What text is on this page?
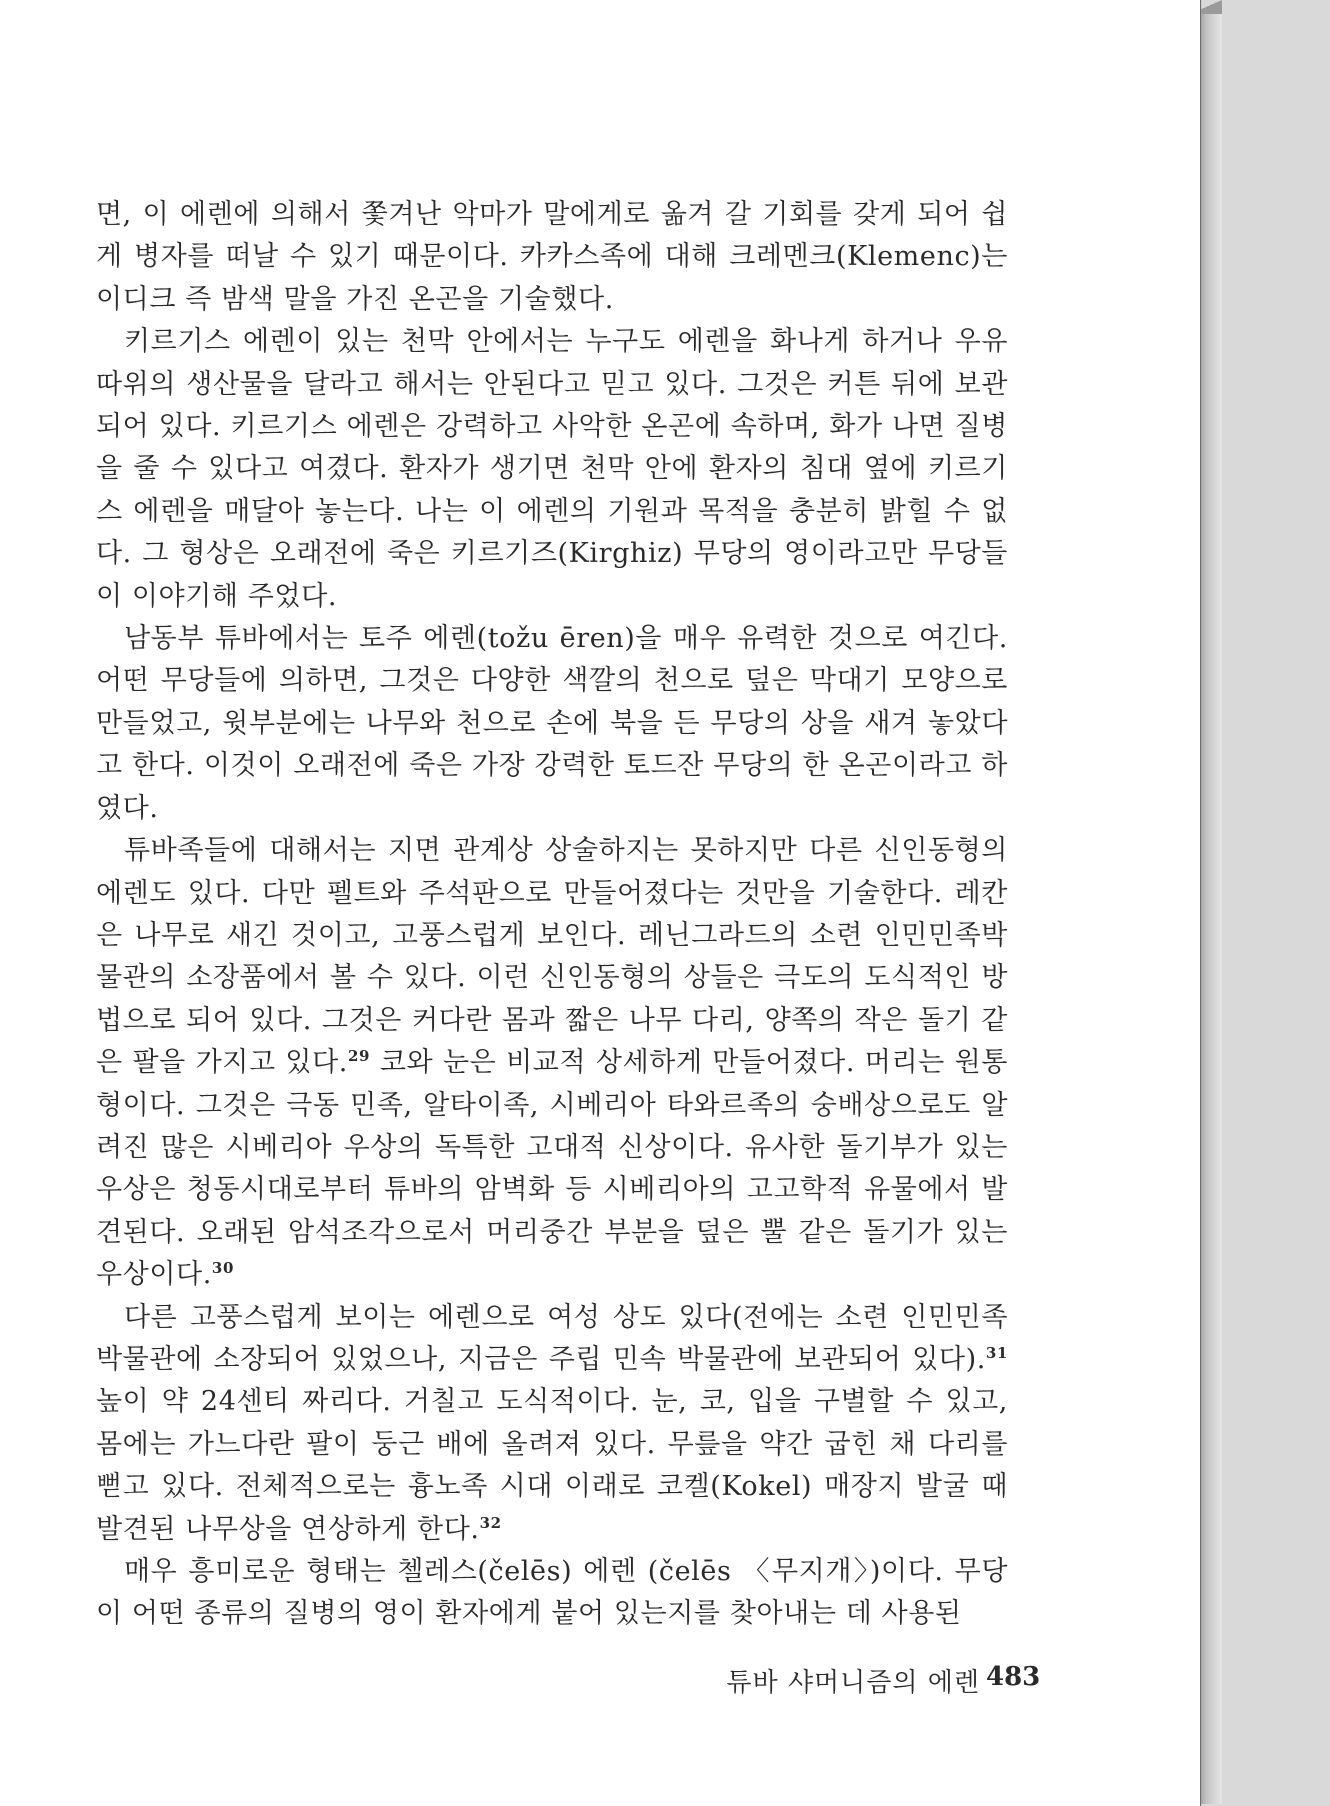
면, 이 에렌에 의해서 쫓겨난 악마가 말에게로 옮겨 갈 기회를 갖게 되어 쉽게 병자를 떠날 수 있기 때문이다. 카카스족에 대해 크레멘크(Klemenc)는 이디크 즉 밤색 말을 가진 온곤을 기술했다.

키르기스 에렌이 있는 천막 안에서는 누구도 에렌을 화나게 하거나 우유 따위의 생산물을 달라고 해서는 안된다고 믿고 있다. 그것은 커튼 뒤에 보관되어 있다. 키르기스 에렌은 강력하고 사악한 온곤에 속하며, 화가 나면 질병을 줄 수 있다고 여겼다. 환자가 생기면 천막 안에 환자의 침대 옆에 키르기스 에렌을 매달아 놓는다. 나는 이 에렌의 기원과 목적을 충분히 밝힐 수 없다. 그 형상은 오래전에 죽은 키르기즈(Kirghiz) 무당의 영이라고만 무당들이 이야기해 주었다.

남동부 튜바에서는 토주 에렌(tožu ēren)을 매우 유력한 것으로 여긴다. 어떤 무당들에 의하면, 그것은 다양한 색깔의 천으로 덮은 막대기 모양으로 만들었고, 윗부분에는 나무와 천으로 손에 북을 든 무당의 상을 새겨 놓았다고 한다. 이것이 오래전에 죽은 가장 강력한 토드잔 무당의 한 온곤이라고 하였다.

튜바족들에 대해서는 지면 관계상 상술하지는 못하지만 다른 신인동형의 에렌도 있다. 다만 펠트와 주석판으로 만들어졌다는 것만을 기술한다. 레칸은 나무로 새긴 것이고, 고풍스럽게 보인다. 레닌그라드의 소련 인민민족박물관의 소장품에서 볼 수 있다. 이런 신인동형의 상들은 극도의 도식적인 방법으로 되어 있다. 그것은 커다란 몸과 짧은 나무 다리, 양쪽의 작은 돌기 같은 팔을 가지고 있다.$^{29}$ 코와 눈은 비교적 상세하게 만들어졌다. 머리는 원통형이다. 그것은 극동 민족, 알타이족, 시베리아 타와르족의 숭배상으로도 알려진 많은 시베리아 우상의 독특한 고대적 신상이다. 유사한 돌기부가 있는 우상은 청동시대로부터 튜바의 암벽화 등 시베리아의 고고학적 유물에서 발견된다. 오래된 암석조각으로서 머리중간 부분을 덮은 뿔 같은 돌기가 있는 우상이다.$^{30}$

다른 고풍스럽게 보이는 에렌으로 여성 상도 있다(전에는 소련 인민민족박물관에 소장되어 있었으나, 지금은 주립 민속 박물관에 보관되어 있다).$^{31}$ 높이 약 24센티 짜리다. 거칠고 도식적이다. 눈, 코, 입을 구별할 수 있고, 몸에는 가느다란 팔이 둥근 배에 올려져 있다. 무릎을 약간 굽힌 채 다리를 뻗고 있다. 전체적으로는 흉노족 시대 이래로 코켈(Kokel) 매장지 발굴 때 발견된 나무상을 연상하게 한다.$^{32}$

매우 흥미로운 형태는 첼레스(čelēs) 에렌 (čelēs 〈무지개〉)이다. 무당이 어떤 종류의 질병의 영이 환자에게 붙어 있는지를 찾아내는 데 사용된

튜바 샤머니즘의 에렌 483
